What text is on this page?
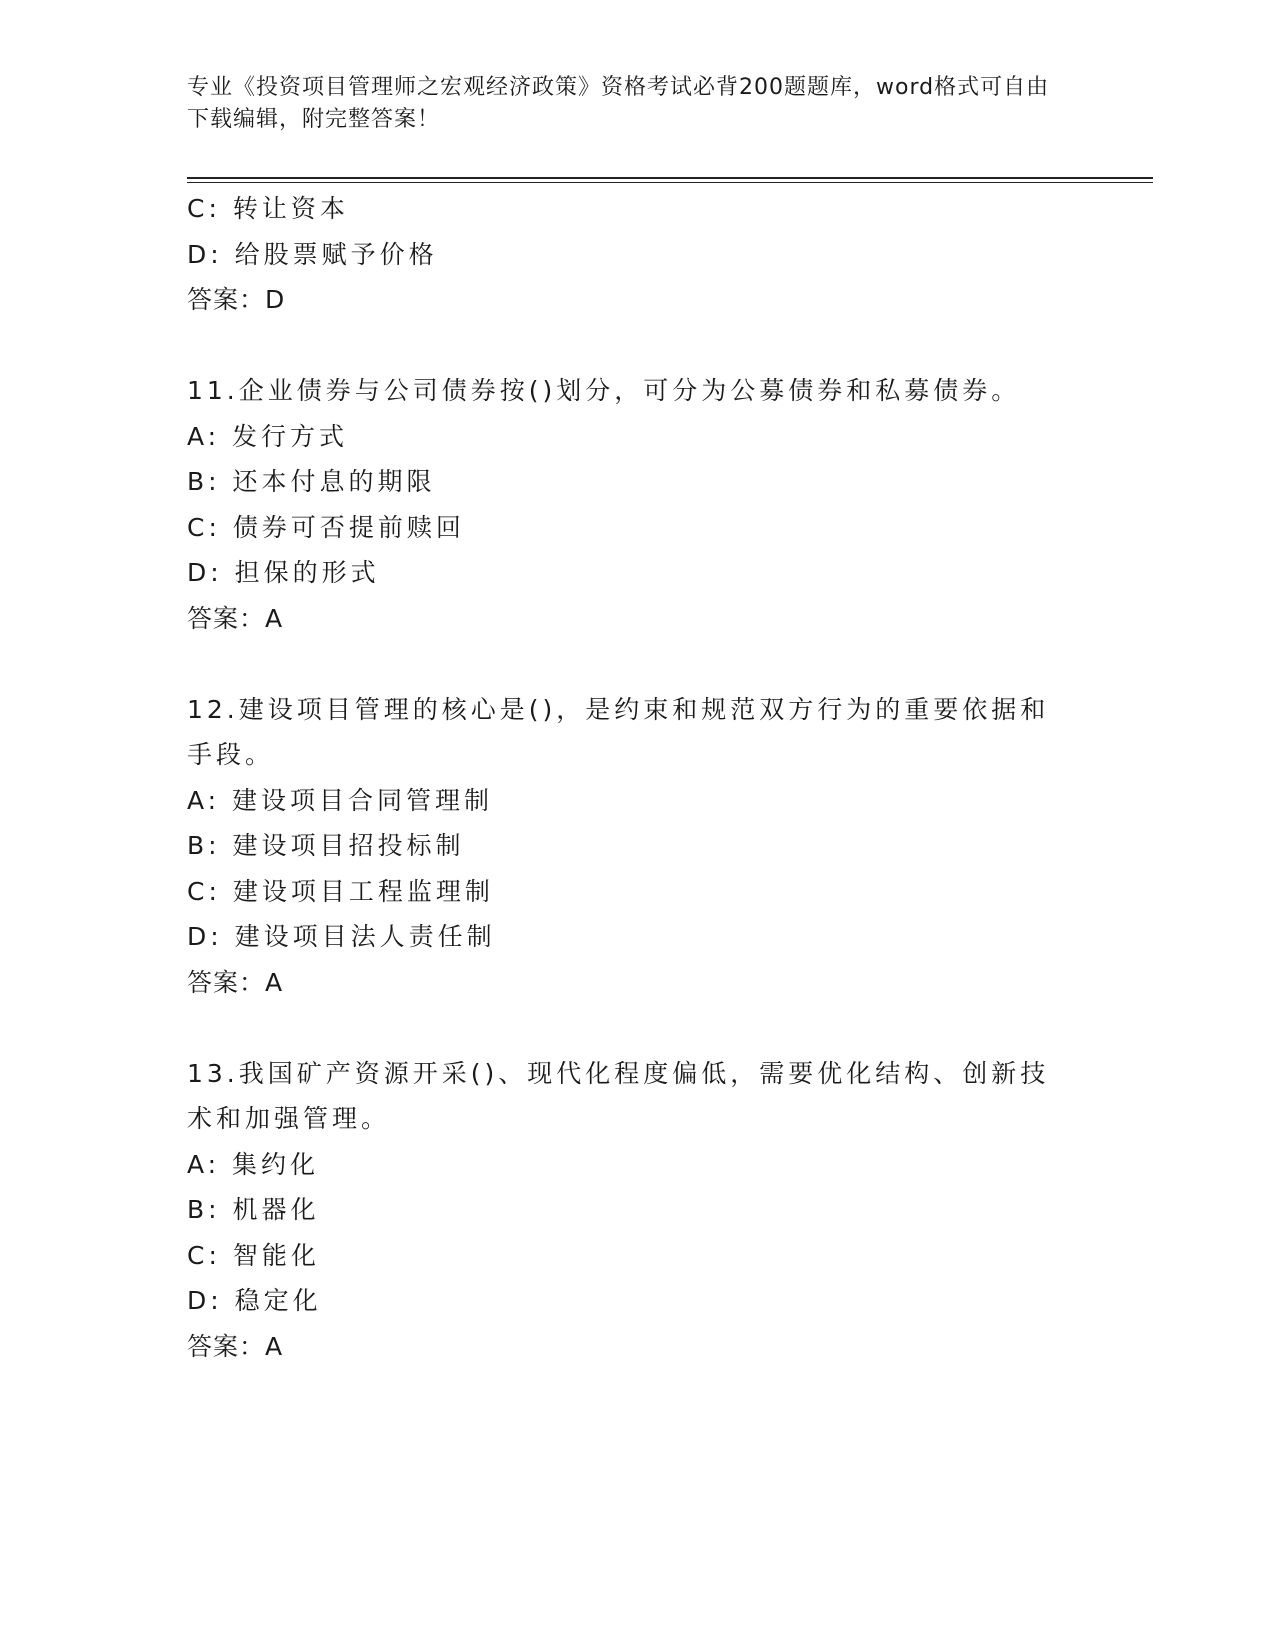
专业《投资项目管理师之宏观经济政策》资格考试必背200题题库，word格式可自由下载编辑，附完整答案！
C: 转让资本
D: 给股票赋予价格
答案：D
11.企业债券与公司债券按()划分，可分为公募债券和私募债券。
A: 发行方式
B: 还本付息的期限
C: 债券可否提前赎回
D: 担保的形式
答案：A
12.建设项目管理的核心是()，是约束和规范双方行为的重要依据和手段。
A: 建设项目合同管理制
B: 建设项目招投标制
C: 建设项目工程监理制
D: 建设项目法人责任制
答案：A
13.我国矿产资源开采()、现代化程度偏低，需要优化结构、创新技术和加强管理。
A: 集约化
B: 机器化
C: 智能化
D: 稳定化
答案：A
